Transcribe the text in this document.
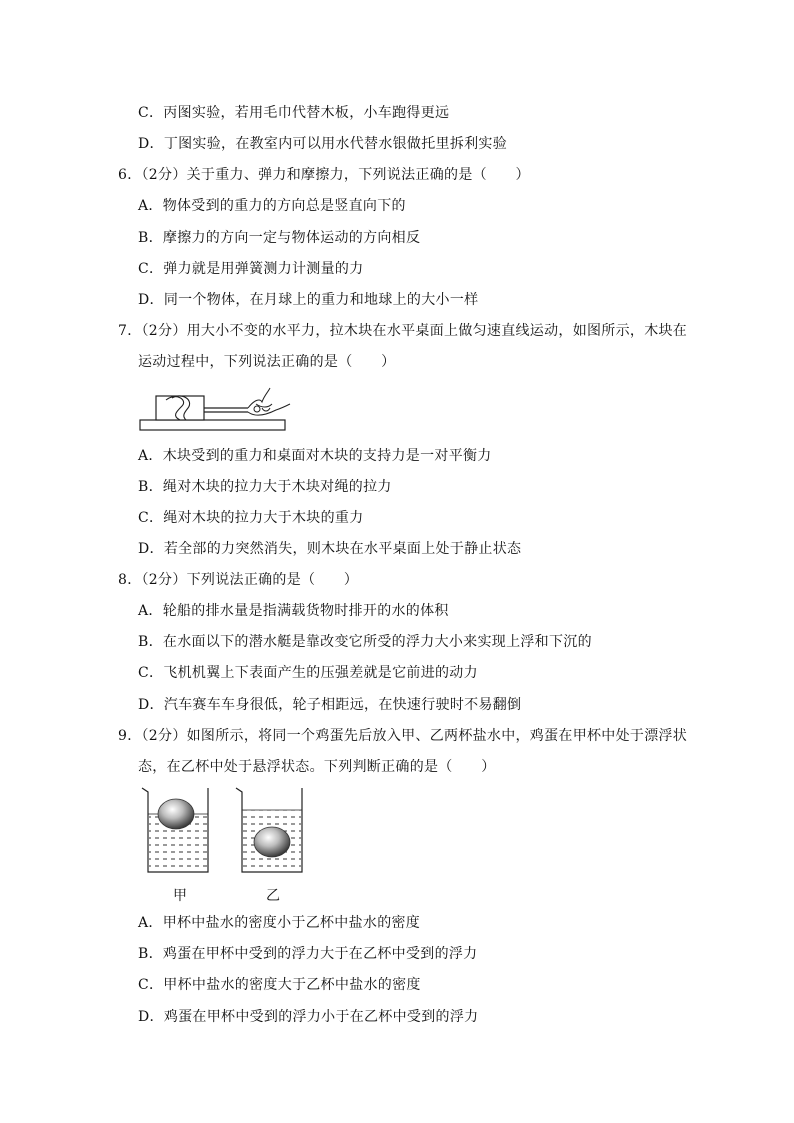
C．丙图实验，若用毛巾代替木板，小车跑得更远
D．丁图实验，在教室内可以用水代替水银做托里拆利实验
6．（2分）关于重力、弹力和摩擦力，下列说法正确的是（　　）
A．物体受到的重力的方向总是竖直向下的
B．摩擦力的方向一定与物体运动的方向相反
C．弹力就是用弹簧测力计测量的力
D．同一个物体，在月球上的重力和地球上的大小一样
7．（2分）用大小不变的水平力，拉木块在水平桌面上做匀速直线运动，如图所示，木块在
运动过程中，下列说法正确的是（　　）
A．木块受到的重力和桌面对木块的支持力是一对平衡力
B．绳对木块的拉力大于木块对绳的拉力
C．绳对木块的拉力大于木块的重力
D．若全部的力突然消失，则木块在水平桌面上处于静止状态
8．（2分）下列说法正确的是（　　）
A．轮船的排水量是指满载货物时排开的水的体积
B．在水面以下的潜水艇是靠改变它所受的浮力大小来实现上浮和下沉的
C．飞机机翼上下表面产生的压强差就是它前进的动力
D．汽车赛车车身很低，轮子相距远，在快速行驶时不易翻倒
9．（2分）如图所示，将同一个鸡蛋先后放入甲、乙两杯盐水中，鸡蛋在甲杯中处于漂浮状
态，在乙杯中处于悬浮状态。下列判断正确的是（　　）
甲	乙
A．甲杯中盐水的密度小于乙杯中盐水的密度
B．鸡蛋在甲杯中受到的浮力大于在乙杯中受到的浮力
C．甲杯中盐水的密度大于乙杯中盐水的密度
D．鸡蛋在甲杯中受到的浮力小于在乙杯中受到的浮力
